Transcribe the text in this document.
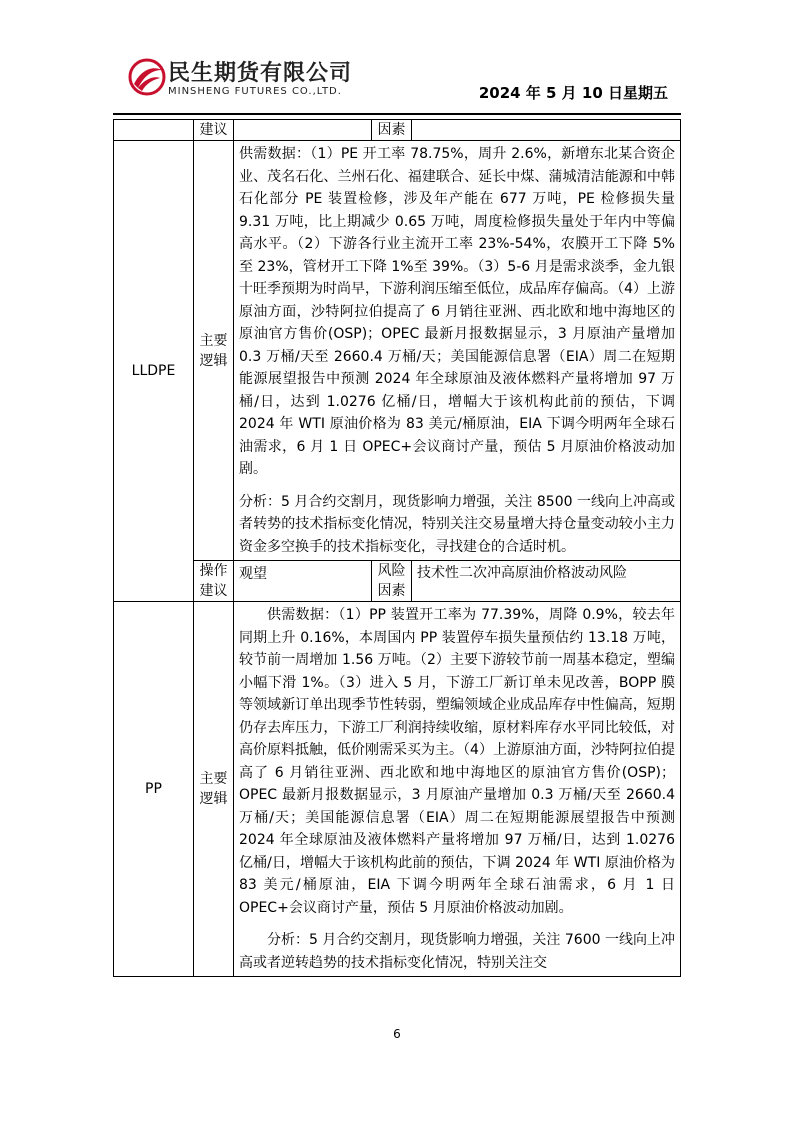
民生期货有限公司
MINSHENG FUTURES CO.,LTD.	2024 年 5 月 10 日星期五
	建议		因素	
LLDPE	主要逻辑	供需数据：（1）PE 开工率 78.75%，周升 2.6%，新增东北某合资企业、茂名石化、兰州石化、福建联合、延长中煤、蒲城清洁能源和中韩石化部分 PE 装置检修，涉及年产能在 677 万吨，PE 检修损失量 9.31 万吨，比上期减少 0.65 万吨，周度检修损失量处于年内中等偏高水平。（2）下游各行业主流开工率 23%-54%，农膜开工下降 5%至 23%，管材开工下降 1%至 39%。（3）5-6 月是需求淡季，金九银十旺季预期为时尚早，下游利润压缩至低位，成品库存偏高。（4）上游原油方面，沙特阿拉伯提高了 6 月销往亚洲、西北欧和地中海地区的原油官方售价(OSP)；OPEC 最新月报数据显示，3 月原油产量增加 0.3 万桶/天至 2660.4 万桶/天；美国能源信息署（EIA）周二在短期能源展望报告中预测 2024 年全球原油及液体燃料产量将增加 97 万桶/日，达到 1.0276 亿桶/日，增幅大于该机构此前的预估，下调 2024 年 WTI 原油价格为 83 美元/桶原油，EIA 下调今明两年全球石油需求，6 月 1 日 OPEC+会议商讨产量，预估 5 月原油价格波动加剧。

分析：5 月合约交割月，现货影响力增强，关注 8500 一线向上冲高或者转势的技术指标变化情况，特别关注交易量增大持仓量变动较小主力资金多空换手的技术指标变化，寻找建仓的合适时机。		

	操作建议	观望	风险因素	技术性二次冲高原油价格波动风险
PP	主要逻辑	供需数据：（1）PP 装置开工率为 77.39%，周降 0.9%，较去年同期上升 0.16%，本周国内 PP 装置停车损失量预估约 13.18 万吨，较节前一周增加 1.56 万吨。（2）主要下游较节前一周基本稳定，塑编小幅下滑 1%。（3）进入 5 月，下游工厂新订单未见改善，BOPP 膜等领域新订单出现季节性转弱，塑编领域企业成品库存中性偏高，短期仍存去库压力，下游工厂利润持续收缩，原材料库存水平同比较低，对高价原料抵触，低价刚需采买为主。（4）上游原油方面，沙特阿拉伯提高了 6 月销往亚洲、西北欧和地中海地区的原油官方售价(OSP)；OPEC 最新月报数据显示，3 月原油产量增加 0.3 万桶/天至 2660.4 万桶/天；美国能源信息署（EIA）周二在短期能源展望报告中预测 2024 年全球原油及液体燃料产量将增加 97 万桶/日，达到 1.0276 亿桶/日，增幅大于该机构此前的预估，下调 2024 年 WTI 原油价格为 83 美元/桶原油，EIA 下调今明两年全球石油需求，6 月 1 日 OPEC+会议商讨产量，预估 5 月原油价格波动加剧。

分析：5 月合约交割月，现货影响力增强，关注 7600 一线向上冲高或者逆转趋势的技术指标变化情况，特别关注交		

6
